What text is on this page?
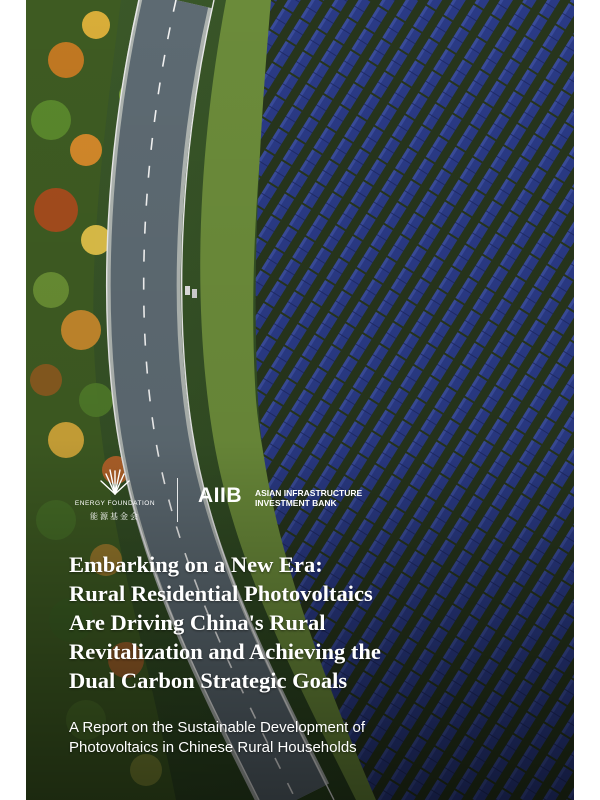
ENERGY FOUNDATION
能源基金会
AIIB ASIAN INFRASTRUCTURE
INVESTMENT BANK
Embarking on a New Era:
Rural Residential Photovoltaics
Are Driving China's Rural
Revitalization and Achieving the
Dual Carbon Strategic Goals

A Report on the Sustainable Development of
Photovoltaics in Chinese Rural Households
